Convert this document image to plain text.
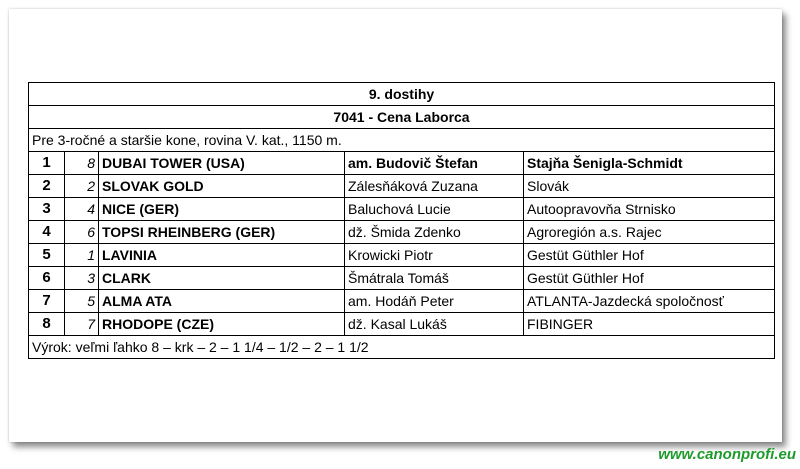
9. dostihy				
7041 - Cena Laborca				
Pre 3-ročné a staršie kone, rovina V. kat., 1150 m.				
1	8	DUBAI TOWER (USA)	am. Budovič Štefan	Stajňa Šenigla-Schmidt
2	2	SLOVAK GOLD	Zálesňáková Zuzana	Slovák
3	4	NICE (GER)	Baluchová Lucie	Autoopravovňa Strnisko
4	6	TOPSI RHEINBERG (GER)	dž. Šmida Zdenko	Agroregión a.s. Rajec
5	1	LAVINIA	Krowicki Piotr	Gestüt Güthler Hof
6	3	CLARK	Šmátrala Tomáš	Gestüt Güthler Hof
7	5	ALMA ATA	am. Hodáň Peter	ATLANTA-Jazdecká spoločnosť
8	7	RHODOPE (CZE)	dž. Kasal Lukáš	FIBINGER
Výrok: veľmi ľahko 8 – krk – 2 – 1 1/4 – 1/2 – 2 – 1 1/2				
www.canonprofi.eu
